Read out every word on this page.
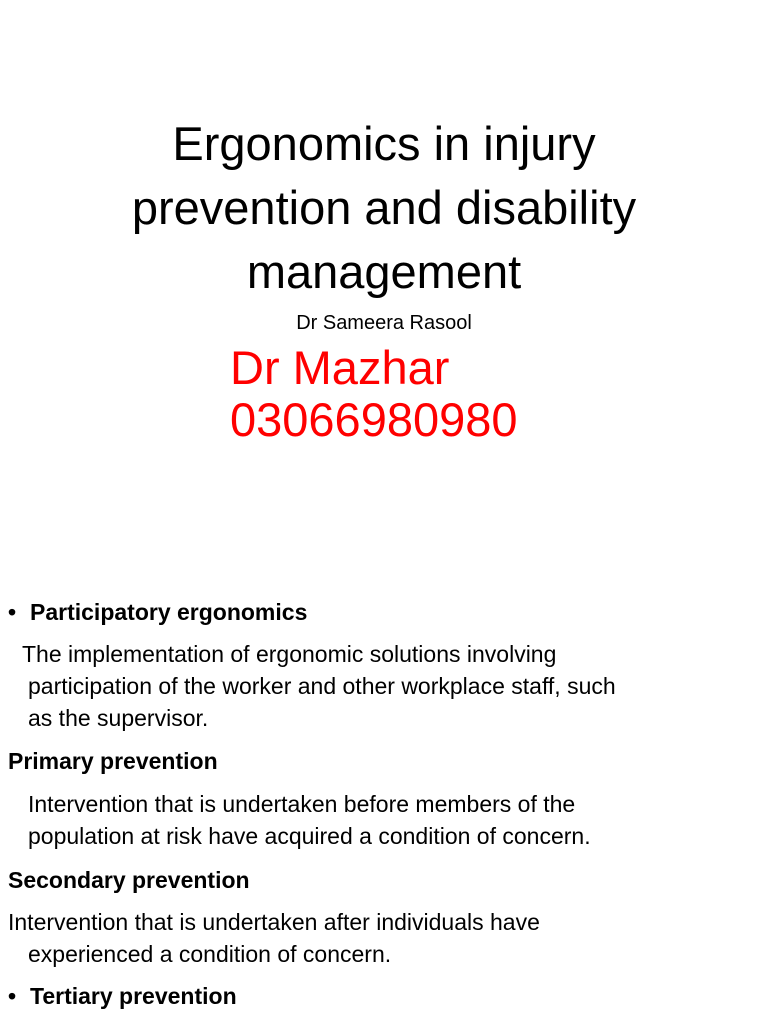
Ergonomics in injury
prevention and disability
management
Dr Sameera Rasool
Dr Mazhar
03066980980
• Participatory ergonomics
The implementation of ergonomic solutions involving
participation of the worker and other workplace staff, such
as the supervisor.
Primary prevention
Intervention that is undertaken before members of the
population at risk have acquired a condition of concern.
Secondary prevention
Intervention that is undertaken after individuals have
experienced a condition of concern.
• Tertiary prevention
